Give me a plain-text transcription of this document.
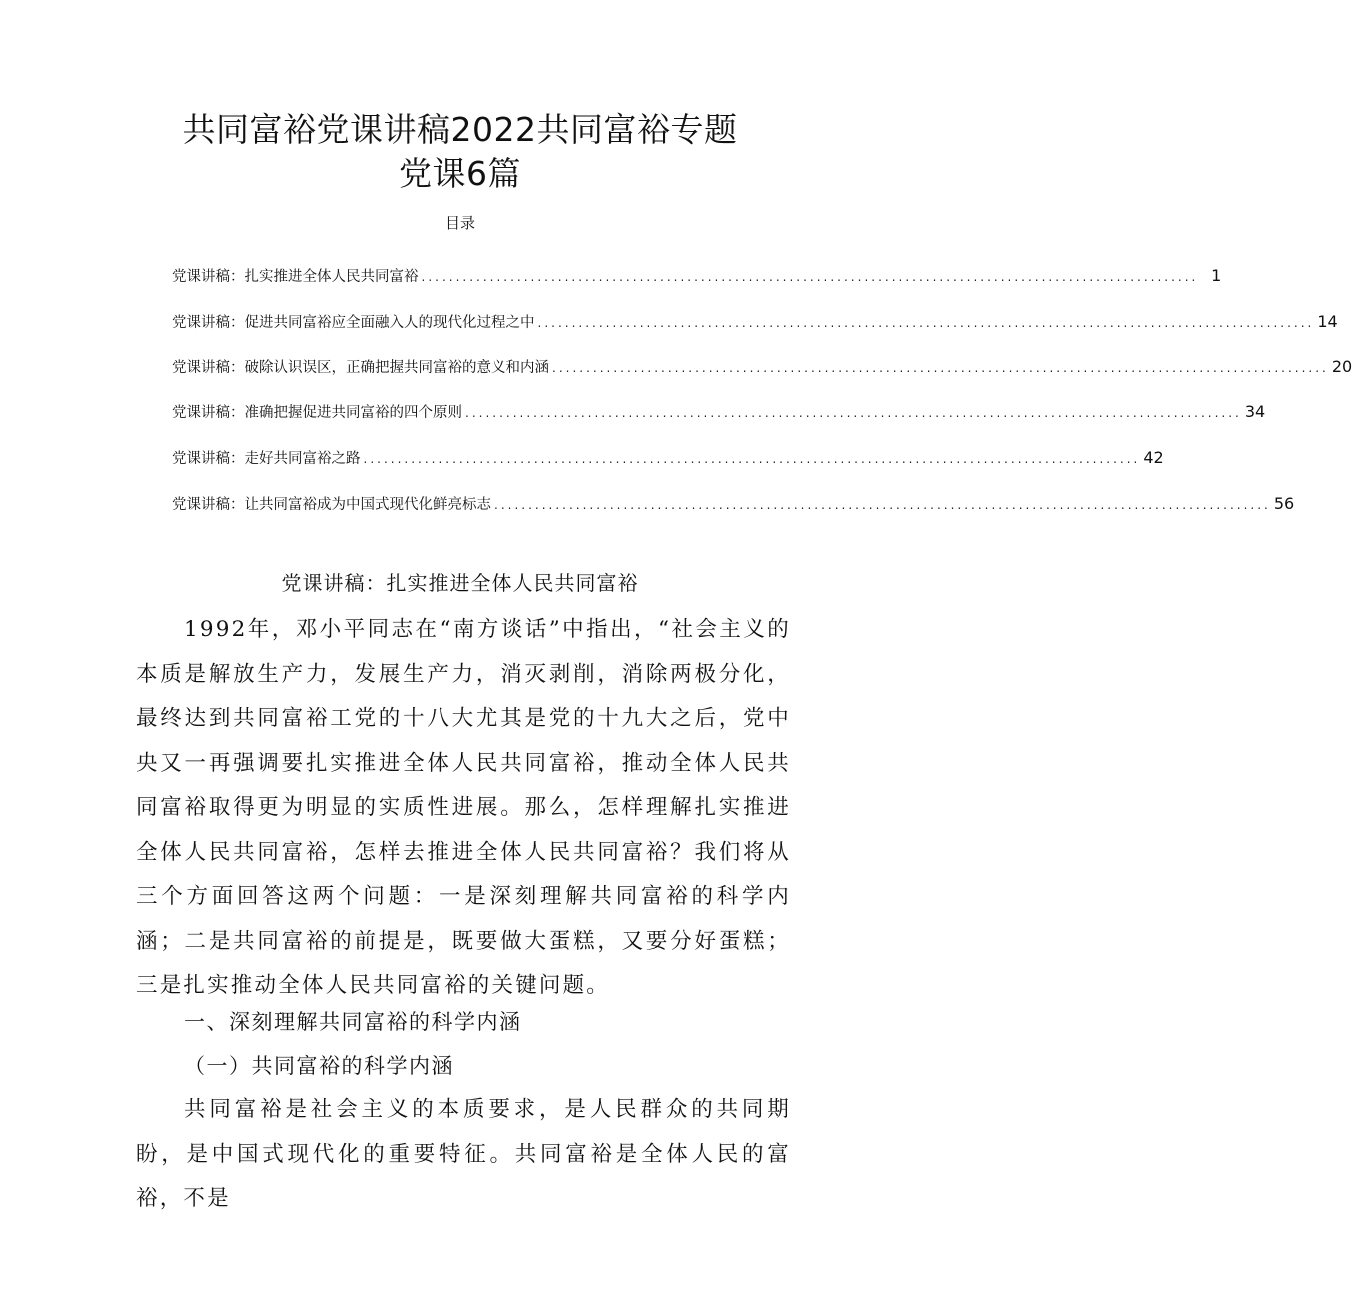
共同富裕党课讲稿2022共同富裕专题
党课6篇
目录
党课讲稿：扎实推进全体人民共同富裕 .................................................................................................................. 1
党课讲稿：促进共同富裕应全面融入人的现代化过程之中 .................................................................................................................. 14
党课讲稿：破除认识误区，正确把握共同富裕的意义和内涵 .................................................................................................................. 20
党课讲稿：准确把握促进共同富裕的四个原则 .................................................................................................................. 34
党课讲稿：走好共同富裕之路 .................................................................................................................. 42
党课讲稿：让共同富裕成为中国式现代化鲜亮标志 .................................................................................................................. 56
党课讲稿：扎实推进全体人民共同富裕
1992年，邓小平同志在“南方谈话”中指出，“社会主义的本质是解放生产力，发展生产力，消灭剥削，消除两极分化，最终达到共同富裕工党的十八大尤其是党的十九大之后，党中央又一再强调要扎实推进全体人民共同富裕，推动全体人民共同富裕取得更为明显的实质性进展。那么，怎样理解扎实推进全体人民共同富裕，怎样去推进全体人民共同富裕？我们将从三个方面回答这两个问题：一是深刻理解共同富裕的科学内涵；二是共同富裕的前提是，既要做大蛋糕，又要分好蛋糕；三是扎实推动全体人民共同富裕的关键问题。
一、深刻理解共同富裕的科学内涵
（一）共同富裕的科学内涵
共同富裕是社会主义的本质要求，是人民群众的共同期盼，是中国式现代化的重要特征。共同富裕是全体人民的富裕，不是
